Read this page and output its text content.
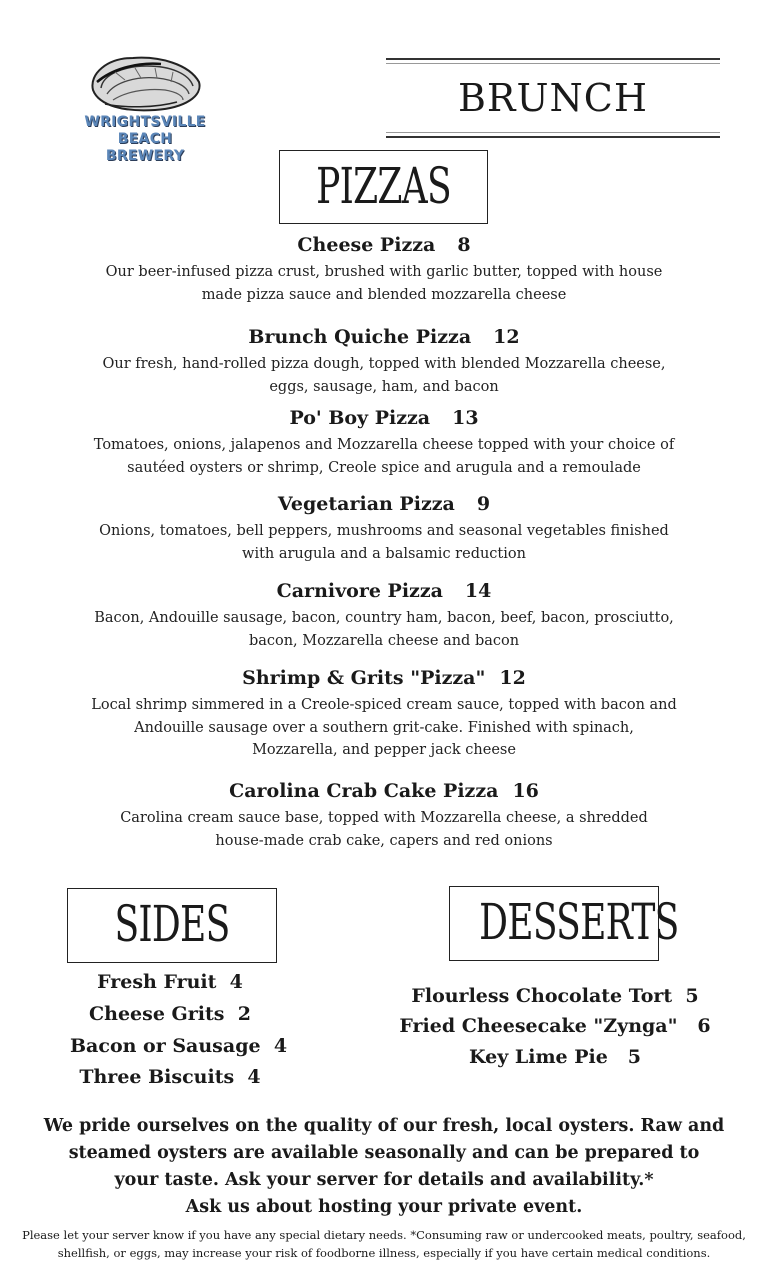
WRIGHTSVILLE BEACH
BREWERY
BRUNCH
PIZZAS
Cheese Pizza 8
Our beer-infused pizza crust, brushed with garlic butter, topped with house
made pizza sauce and blended mozzarella cheese
Brunch Quiche Pizza 12
Our fresh, hand-rolled pizza dough, topped with blended Mozzarella cheese,
eggs, sausage, ham, and bacon
Po' Boy Pizza 13
Tomatoes, onions, jalapenos and Mozzarella cheese topped with your choice of
sautéed oysters or shrimp, Creole spice and arugula and a remoulade
Vegetarian Pizza 9
Onions, tomatoes, bell peppers, mushrooms and seasonal vegetables finished
with arugula and a balsamic reduction
Carnivore Pizza 14
Bacon, Andouille sausage, bacon, country ham, bacon, beef, bacon, prosciutto,
bacon, Mozzarella cheese and bacon
Shrimp & Grits "Pizza" 12
Local shrimp simmered in a Creole-spiced cream sauce, topped with bacon and
Andouille sausage over a southern grit-cake. Finished with spinach,
Mozzarella, and pepper jack cheese
Carolina Crab Cake Pizza 16
Carolina cream sauce base, topped with Mozzarella cheese, a shredded
house-made crab cake, capers and red onions
SIDES	DESSERTS
Fresh Fruit 4
Cheese Grits 2
Bacon or Sausage 4
Three Biscuits 4
Flourless Chocolate Tort 5
Fried Cheesecake "Zynga" 6
Key Lime Pie 5
We pride ourselves on the quality of our fresh, local oysters. Raw and
steamed oysters are available seasonally and can be prepared to
your taste. Ask your server for details and availability.*
Ask us about hosting your private event.
Please let your server know if you have any special dietary needs. *Consuming raw or undercooked meats, poultry, seafood,
shellfish, or eggs, may increase your risk of foodborne illness, especially if you have certain medical conditions.
